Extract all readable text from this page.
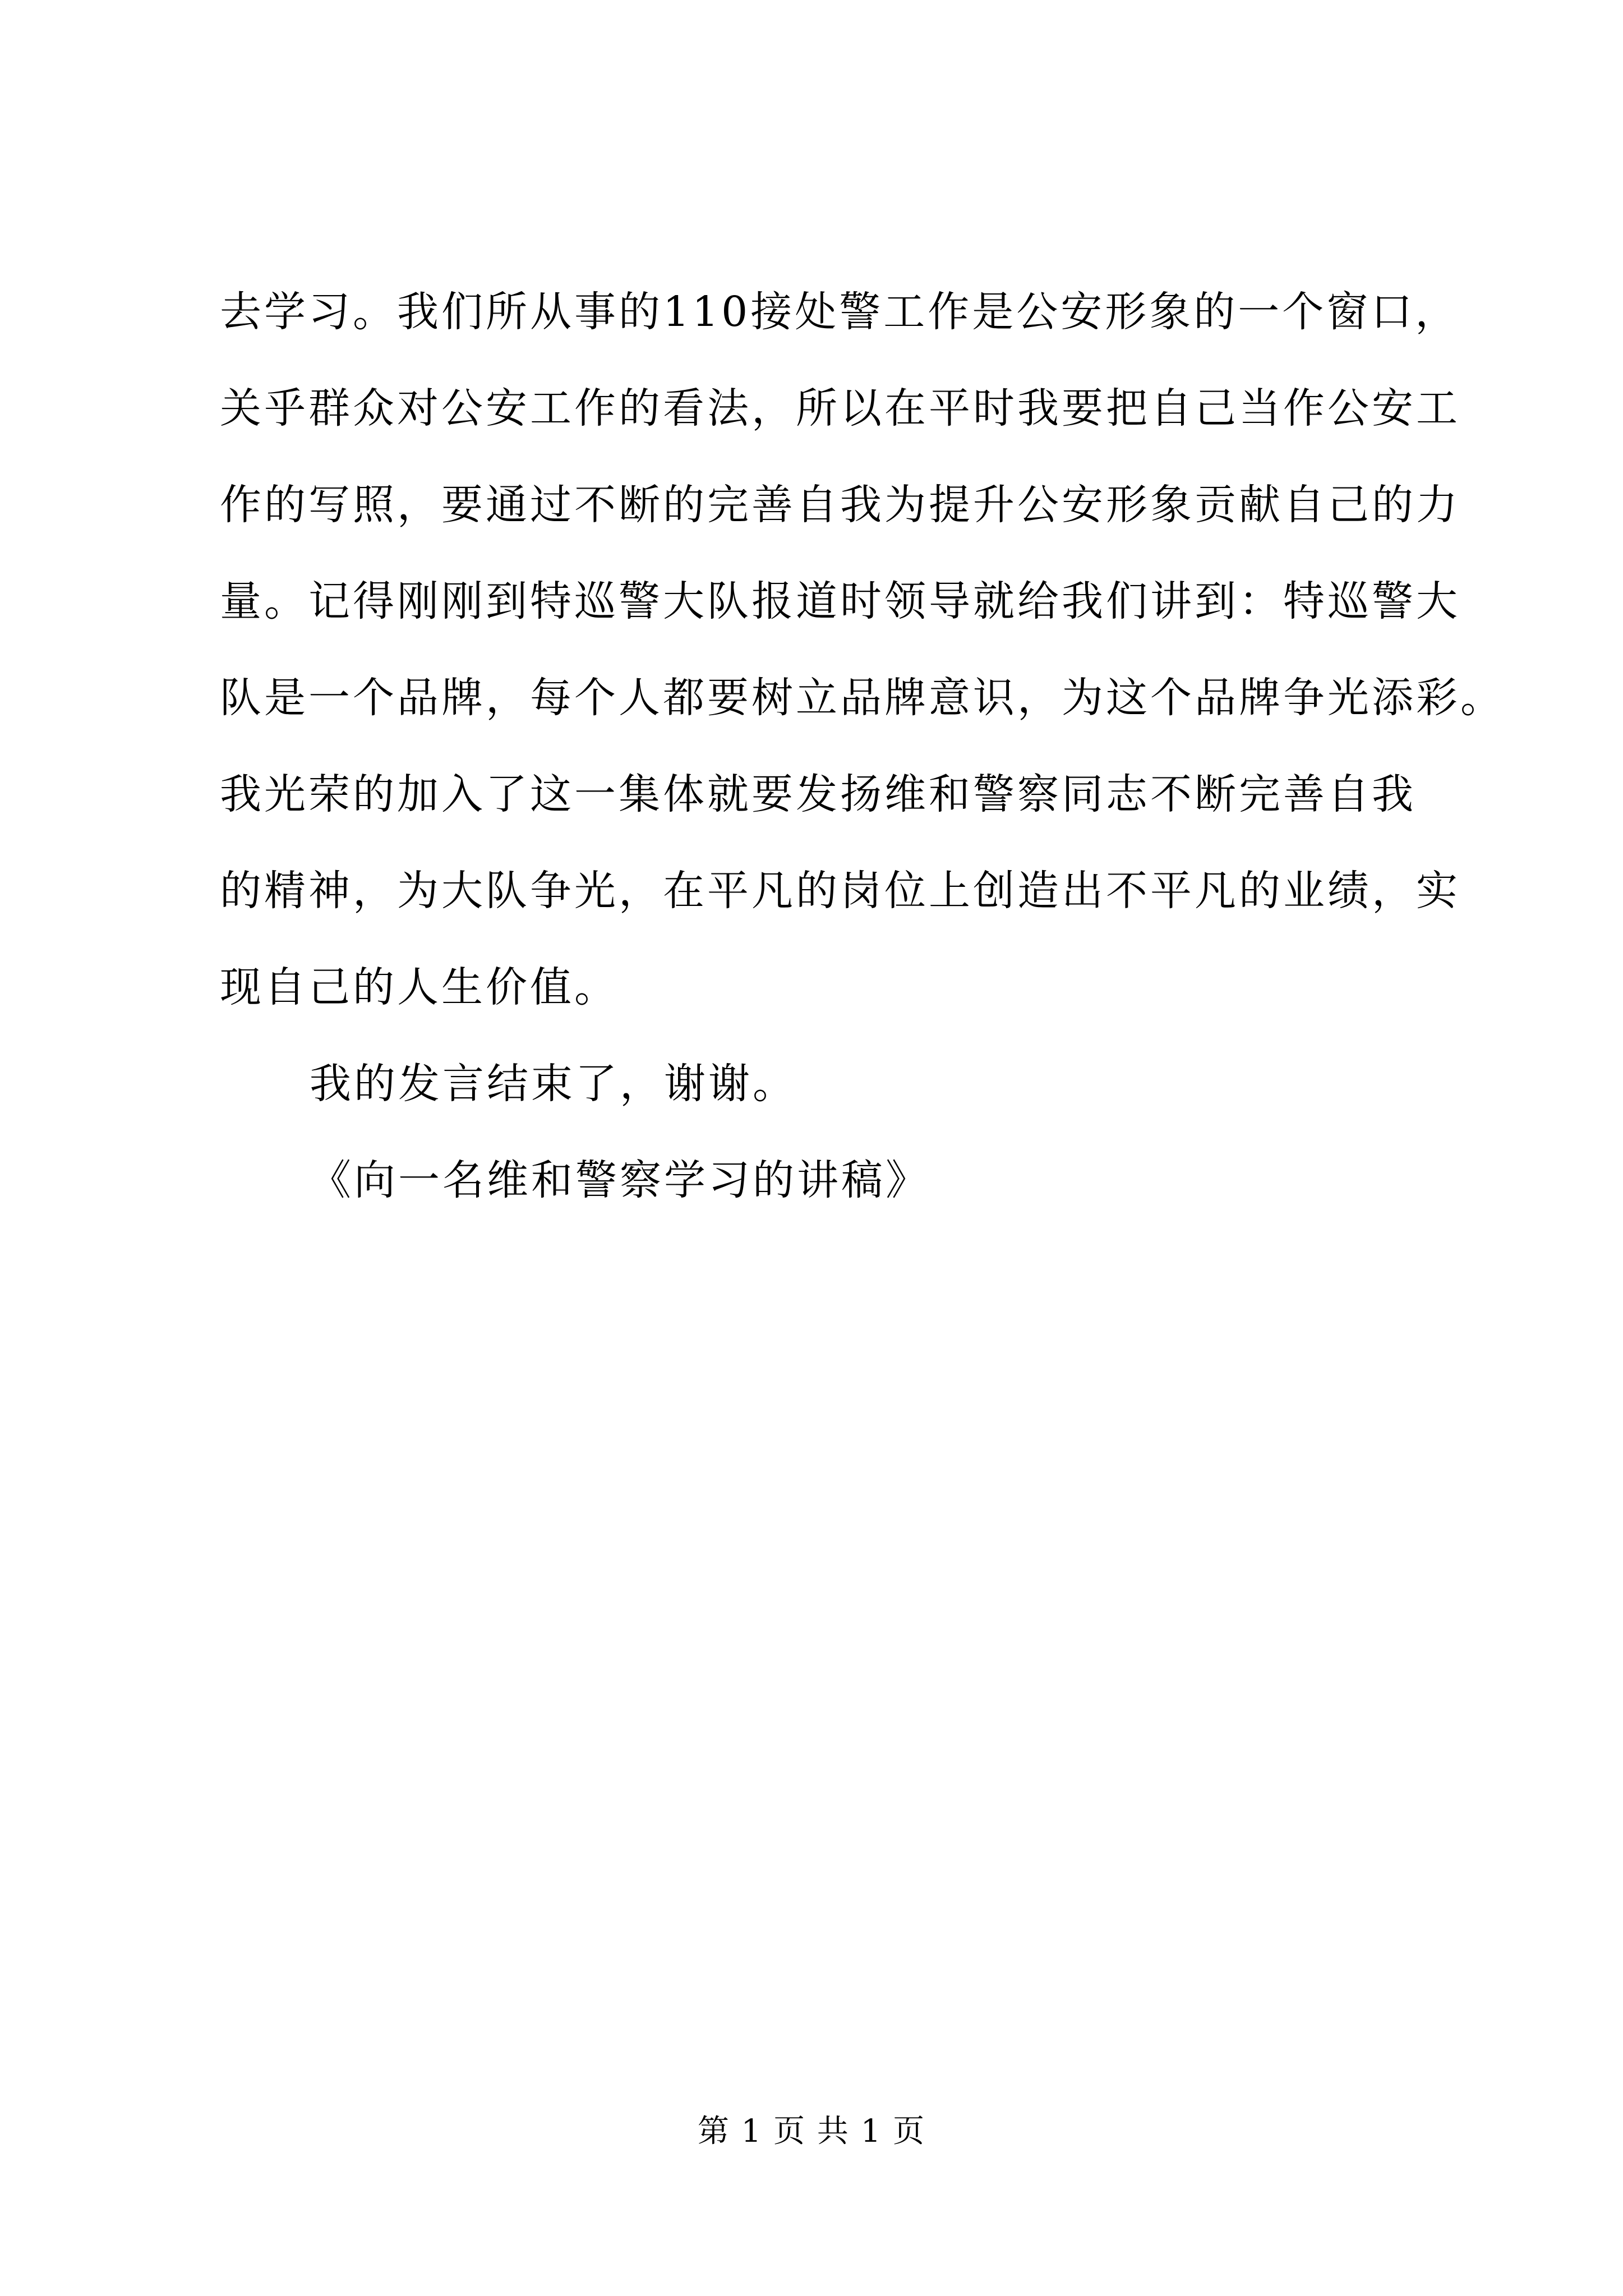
去学习。我们所从事的110接处警工作是公安形象的一个窗口，
关乎群众对公安工作的看法，所以在平时我要把自己当作公安工
作的写照，要通过不断的完善自我为提升公安形象贡献自己的力
量。记得刚刚到特巡警大队报道时领导就给我们讲到：特巡警大
队是一个品牌，每个人都要树立品牌意识，为这个品牌争光添彩。
我光荣的加入了这一集体就要发扬维和警察同志不断完善自我
的精神，为大队争光，在平凡的岗位上创造出不平凡的业绩，实
现自己的人生价值。
我的发言结束了，谢谢。
《向一名维和警察学习的讲稿》
第 1 页 共 1 页
